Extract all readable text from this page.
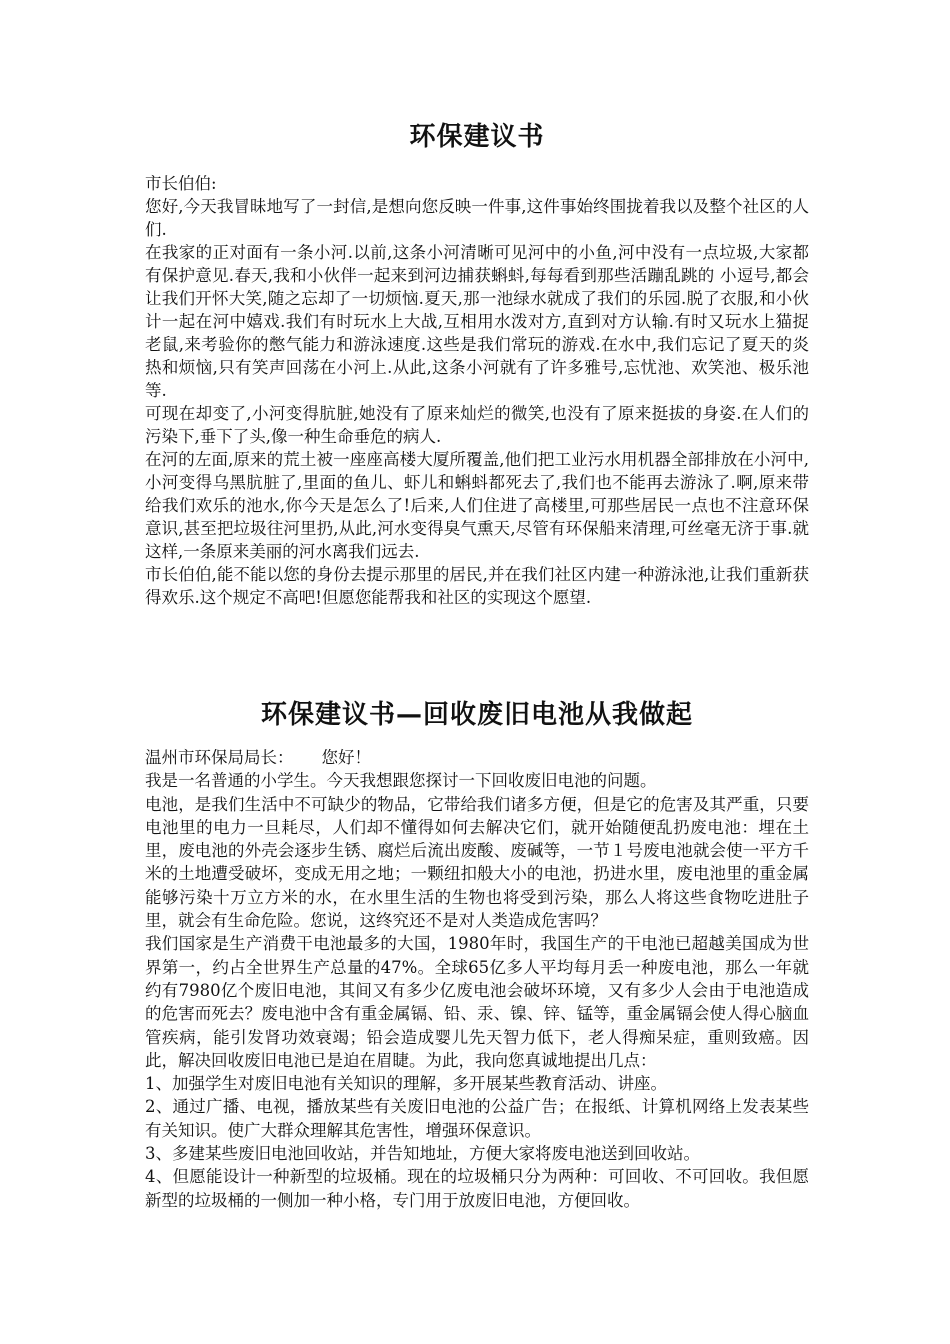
环保建议书

市长伯伯:

您好,今天我冒昧地写了一封信,是想向您反映一件事,这件事始终围拢着我以及整个社区的人们.

在我家的正对面有一条小河.以前,这条小河清晰可见河中的小鱼,河中没有一点垃圾,大家都有保护意见.春天,我和小伙伴一起来到河边捕获蝌蚪,每每看到那些活蹦乱跳的 小逗号,都会让我们开怀大笑,随之忘却了一切烦恼.夏天,那一池绿水就成了我们的乐园.脱了衣服,和小伙计一起在河中嬉戏.我们有时玩水上大战,互相用水泼对方,直到对方认输.有时又玩水上猫捉老鼠,来考验你的憋气能力和游泳速度.这些是我们常玩的游戏.在水中,我们忘记了夏天的炎热和烦恼,只有笑声回荡在小河上.从此,这条小河就有了许多雅号,忘忧池、欢笑池、极乐池等.

可现在却变了,小河变得肮脏,她没有了原来灿烂的微笑,也没有了原来挺拔的身姿.在人们的污染下,垂下了头,像一种生命垂危的病人.

在河的左面,原来的荒土被一座座高楼大厦所覆盖,他们把工业污水用机器全部排放在小河中,小河变得乌黑肮脏了,里面的鱼儿、虾儿和蝌蚪都死去了,我们也不能再去游泳了.啊,原来带给我们欢乐的池水,你今天是怎么了!后来,人们住进了高楼里,可那些居民一点也不注意环保意识,甚至把垃圾往河里扔,从此,河水变得臭气熏天,尽管有环保船来清理,可丝毫无济于事.就这样,一条原来美丽的河水离我们远去.

市长伯伯,能不能以您的身份去提示那里的居民,并在我们社区内建一种游泳池,让我们重新获得欢乐.这个规定不高吧!但愿您能帮我和社区的实现这个愿望.

环保建议书—回收废旧电池从我做起

温州市环保局局长： 您好！

我是一名普通的小学生。今天我想跟您探讨一下回收废旧电池的问题。

电池，是我们生活中不可缺少的物品，它带给我们诸多方便，但是它的危害及其严重，只要电池里的电力一旦耗尽，人们却不懂得如何去解决它们，就开始随便乱扔废电池：埋在土里，废电池的外壳会逐步生锈、腐烂后流出废酸、废碱等，一节１号废电池就会使一平方千米的土地遭受破坏，变成无用之地；一颗纽扣般大小的电池，扔进水里，废电池里的重金属能够污染十万立方米的水，在水里生活的生物也将受到污染，那么人将这些食物吃进肚子里，就会有生命危险。您说，这终究还不是对人类造成危害吗？

我们国家是生产消费干电池最多的大国，1980年时，我国生产的干电池已超越美国成为世界第一，约占全世界生产总量的47%。全球65亿多人平均每月丢一种废电池，那么一年就约有7980亿个废旧电池，其间又有多少亿废电池会破坏环境，又有多少人会由于电池造成的危害而死去？废电池中含有重金属镉、铅、汞、镍、锌、锰等，重金属镉会使人得心脑血管疾病，能引发肾功效衰竭；铅会造成婴儿先天智力低下，老人得痴呆症，重则致癌。因此，解决回收废旧电池已是迫在眉睫。为此，我向您真诚地提出几点：

1、加强学生对废旧电池有关知识的理解，多开展某些教育活动、讲座。

2、通过广播、电视，播放某些有关废旧电池的公益广告；在报纸、计算机网络上发表某些有关知识。使广大群众理解其危害性，增强环保意识。

3、多建某些废旧电池回收站，并告知地址，方便大家将废电池送到回收站。

4、但愿能设计一种新型的垃圾桶。现在的垃圾桶只分为两种：可回收、不可回收。我但愿新型的垃圾桶的一侧加一种小格，专门用于放废旧电池，方便回收。
